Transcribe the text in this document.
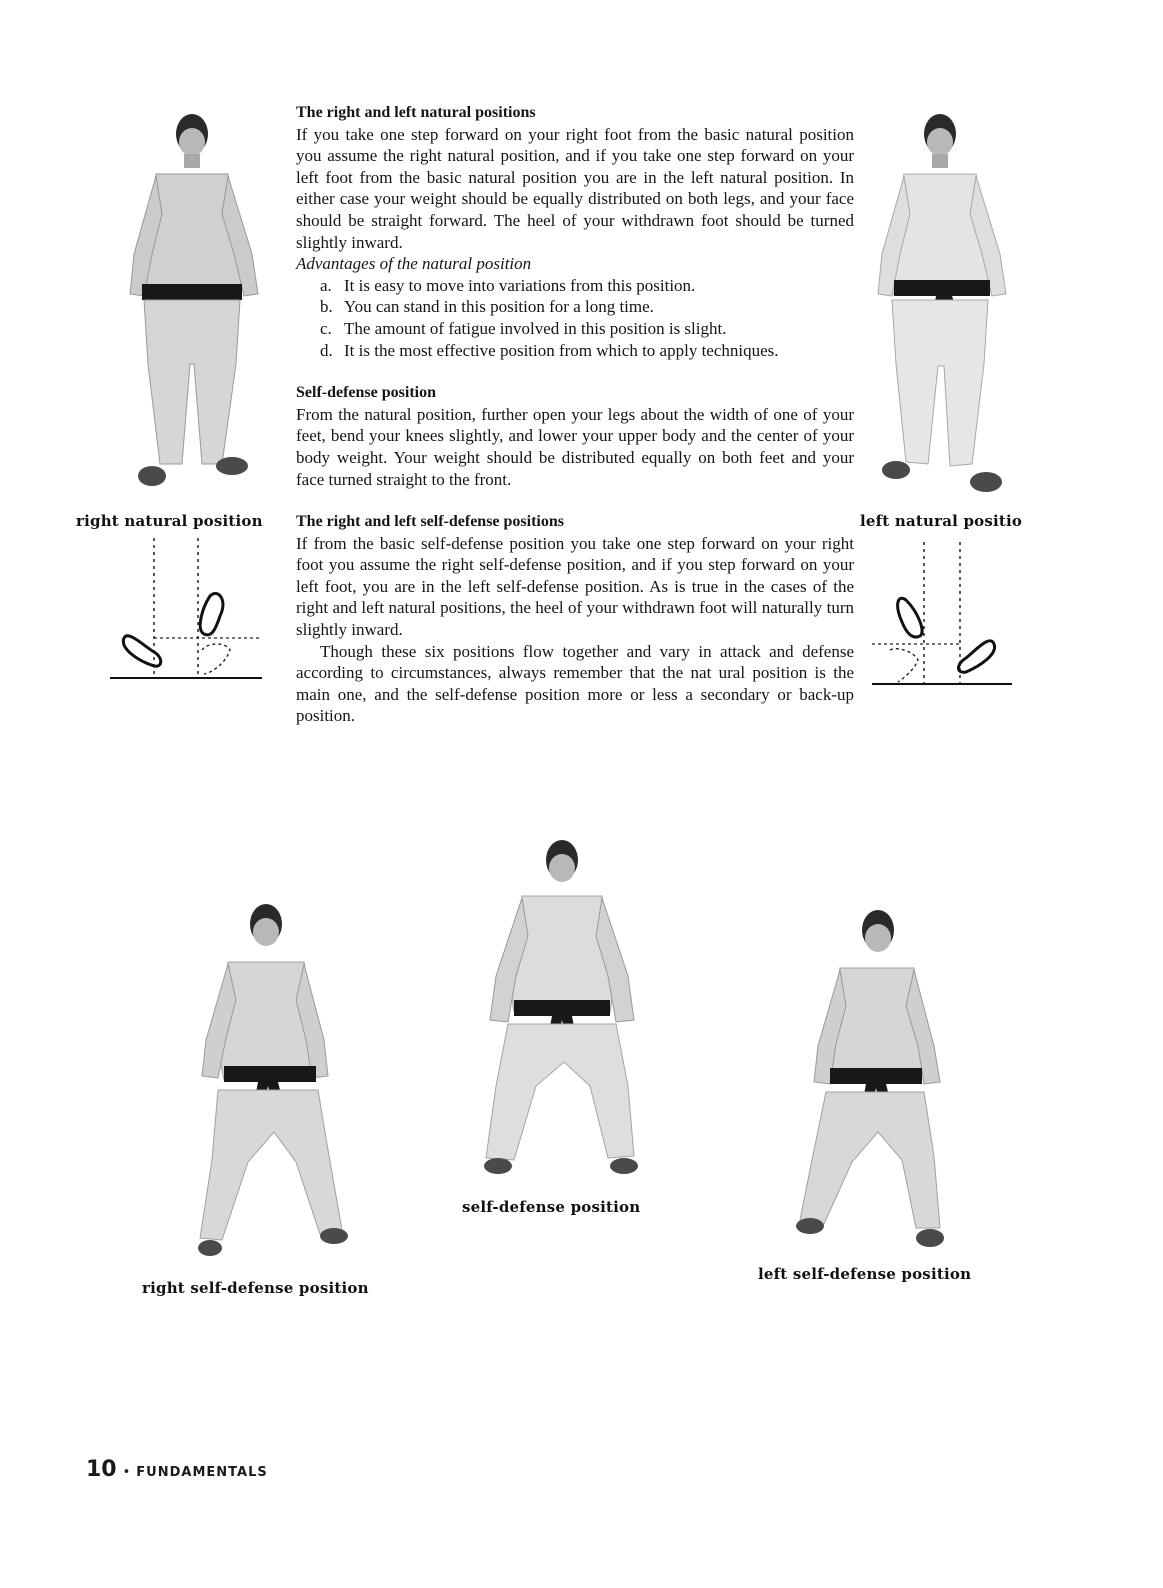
right natural position	left natural positio
The right and left natural positions

If you take one step forward on your right foot from the basic natural position you assume the right natural position, and if you take one step forward on your left foot from the basic natural position you are in the left natural position. In either case your weight should be equally distributed on both legs, and your face should be straight forward. The heel of your withdrawn foot should be turned slightly inward.

Advantages of the natural position
a. It is easy to move into variations from this position.
b. You can stand in this position for a long time.
c. The amount of fatigue involved in this position is slight.
d. It is the most effective position from which to apply techniques.
Self-defense position

From the natural position, further open your legs about the width of one of your feet, bend your knees slightly, and lower your upper body and the center of your body weight. Your weight should be distributed equally on both feet and your face turned straight to the front.

The right and left self-defense positions

If from the basic self-defense position you take one step forward on your right foot you assume the right self-defense position, and if you step forward on your left foot, you are in the left self-defense position. As is true in the cases of the right and left natural positions, the heel of your withdrawn foot will naturally turn slightly inward.

Though these six positions flow together and vary in attack and defense according to circumstances, always remember that the nat ural position is the main one, and the self-defense position more or less a secondary or back-up position.

right self-defense position
self-defense position
left self-defense position
10 • FUNDAMENTALS
